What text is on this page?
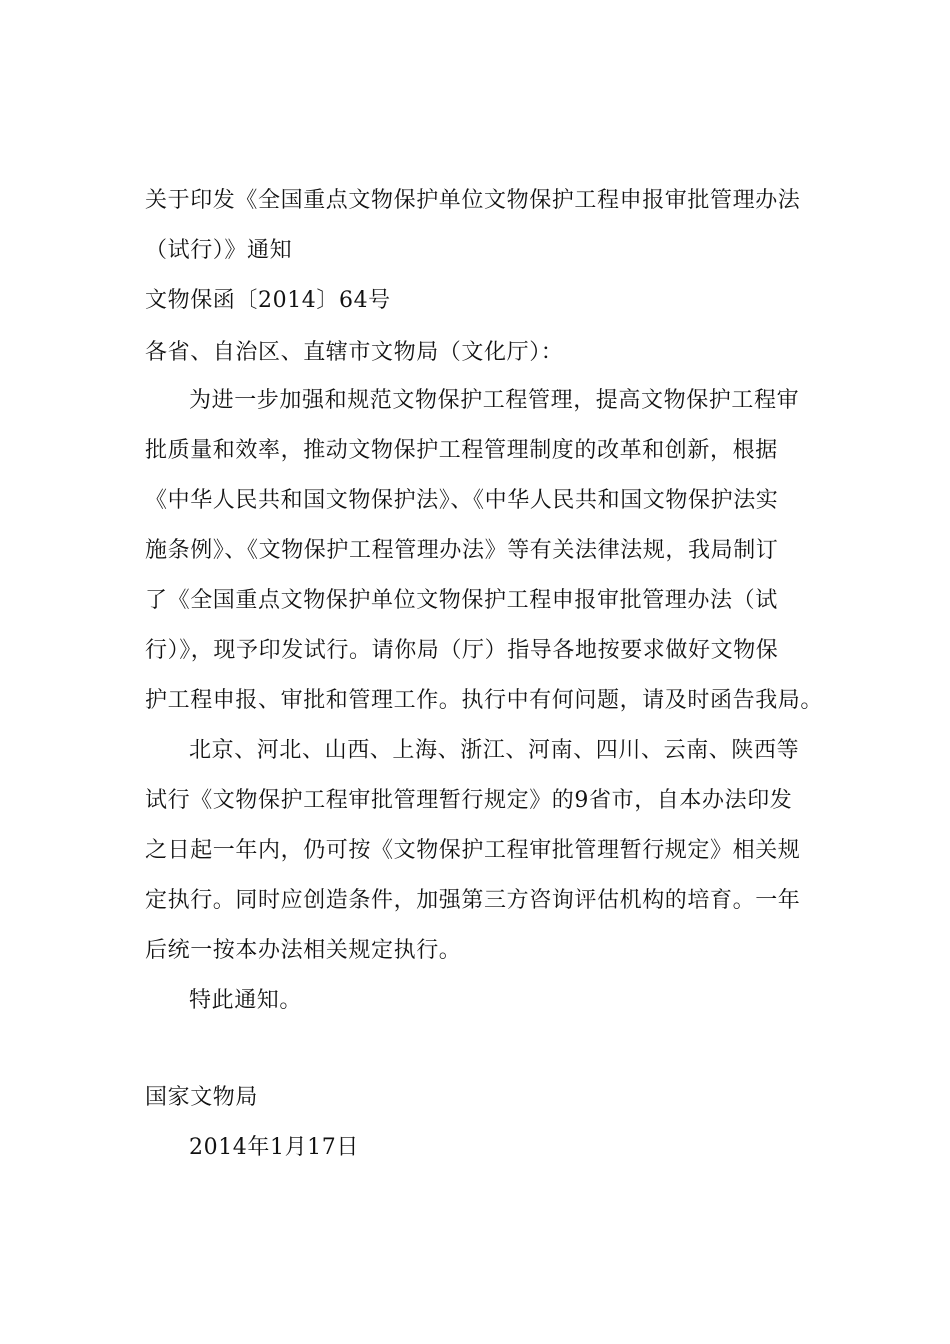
关于印发《全国重点文物保护单位文物保护工程申报审批管理办法
（试行）》通知
文物保函〔2014〕64号
各省、自治区、直辖市文物局（文化厅）：
为进一步加强和规范文物保护工程管理，提高文物保护工程审
批质量和效率，推动文物保护工程管理制度的改革和创新，根据
《中华人民共和国文物保护法》、《中华人民共和国文物保护法实
施条例》、《文物保护工程管理办法》等有关法律法规，我局制订
了《全国重点文物保护单位文物保护工程申报审批管理办法（试
行）》，现予印发试行。请你局（厅）指导各地按要求做好文物保
护工程申报、审批和管理工作。执行中有何问题，请及时函告我局。
北京、河北、山西、上海、浙江、河南、四川、云南、陕西等
试行《文物保护工程审批管理暂行规定》的9省市，自本办法印发
之日起一年内，仍可按《文物保护工程审批管理暂行规定》相关规
定执行。同时应创造条件，加强第三方咨询评估机构的培育。一年
后统一按本办法相关规定执行。
特此通知。
国家文物局
2014年1月17日
